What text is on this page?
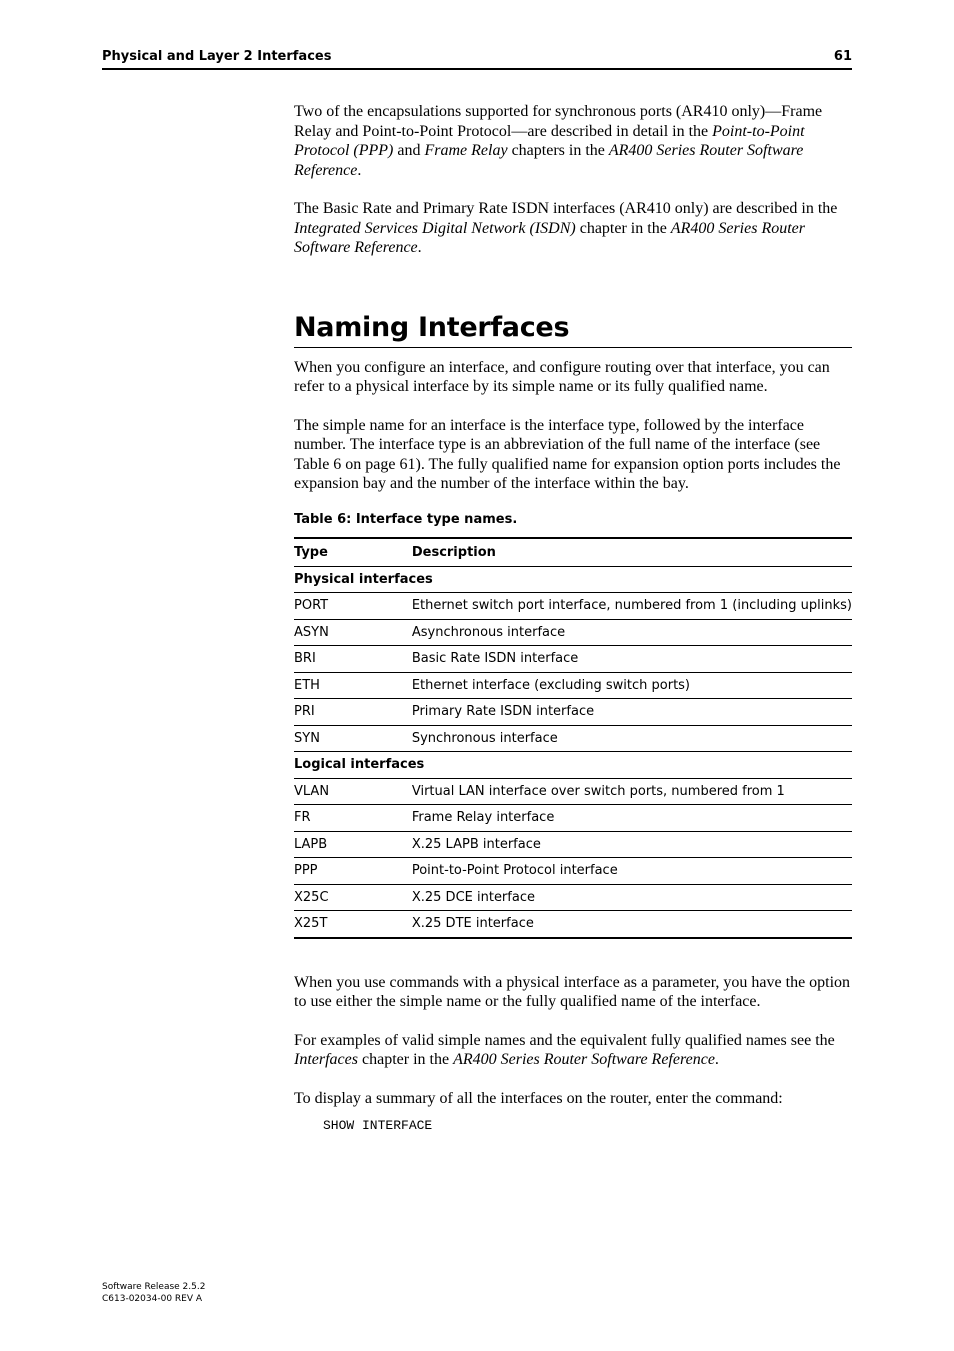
Physical and Layer 2 Interfaces	61

Two of the encapsulations supported for synchronous ports (AR410 only)—Frame Relay and Point-to-Point Protocol—are described in detail in the Point-to-Point Protocol (PPP) and Frame Relay chapters in the AR400 Series Router Software Reference.

The Basic Rate and Primary Rate ISDN interfaces (AR410 only) are described in the Integrated Services Digital Network (ISDN) chapter in the AR400 Series Router Software Reference.

Naming Interfaces

When you configure an interface, and configure routing over that interface, you can refer to a physical interface by its simple name or its fully qualified name.

The simple name for an interface is the interface type, followed by the interface number. The interface type is an abbreviation of the full name of the interface (see Table 6 on page 61). The fully qualified name for expansion option ports includes the expansion bay and the number of the interface within the bay.

Table 6: Interface type names.
Type	Description
Physical interfaces	
PORT	Ethernet switch port interface, numbered from 1 (including uplinks)
ASYN	Asynchronous interface
BRI	Basic Rate ISDN interface
ETH	Ethernet interface (excluding switch ports)
PRI	Primary Rate ISDN interface
SYN	Synchronous interface
Logical interfaces	
VLAN	Virtual LAN interface over switch ports, numbered from 1
FR	Frame Relay interface
LAPB	X.25 LAPB interface
PPP	Point-to-Point Protocol interface
X25C	X.25 DCE interface
X25T	X.25 DTE interface

When you use commands with a physical interface as a parameter, you have the option to use either the simple name or the fully qualified name of the interface.

For examples of valid simple names and the equivalent fully qualified names see the Interfaces chapter in the AR400 Series Router Software Reference.

To display a summary of all the interfaces on the router, enter the command:

SHOW INTERFACE
Software Release 2.5.2
C613-02034-00 REV A
